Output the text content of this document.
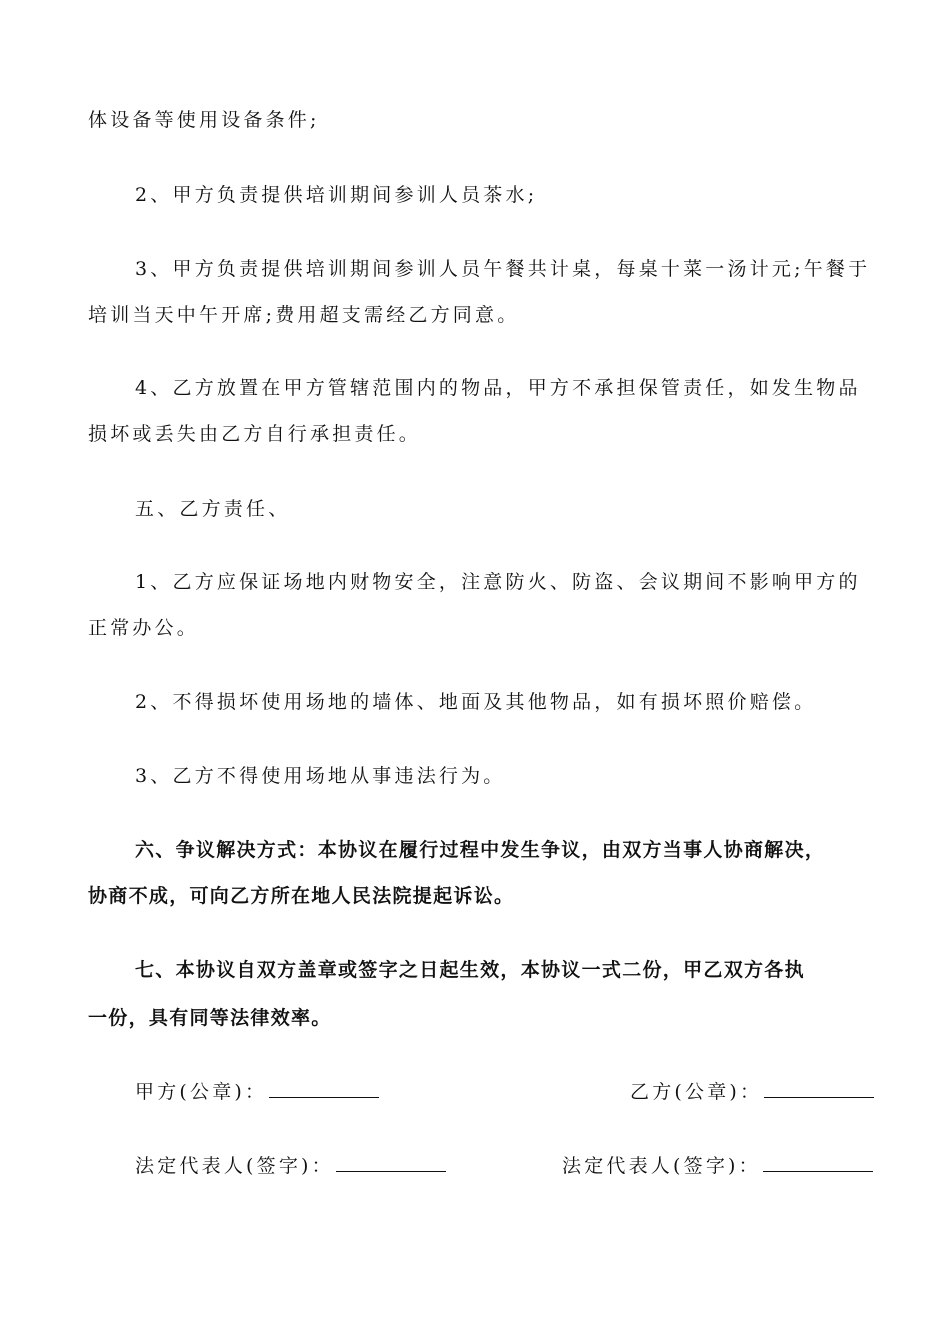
体设备等使用设备条件;
2、甲方负责提供培训期间参训人员茶水;
3、甲方负责提供培训期间参训人员午餐共计桌，每桌十菜一汤计元;午餐于
培训当天中午开席;费用超支需经乙方同意。
4、乙方放置在甲方管辖范围内的物品，甲方不承担保管责任，如发生物品
损坏或丢失由乙方自行承担责任。
五、乙方责任、
1、乙方应保证场地内财物安全，注意防火、防盗、会议期间不影响甲方的
正常办公。
2、不得损坏使用场地的墙体、地面及其他物品，如有损坏照价赔偿。
3、乙方不得使用场地从事违法行为。
六、争议解决方式：本协议在履行过程中发生争议，由双方当事人协商解决，
协商不成，可向乙方所在地人民法院提起诉讼。
七、本协议自双方盖章或签字之日起生效，本协议一式二份，甲乙双方各执
一份，具有同等法律效率。
甲方(公章)：	乙方(公章)：
法定代表人(签字)：	法定代表人(签字)：
